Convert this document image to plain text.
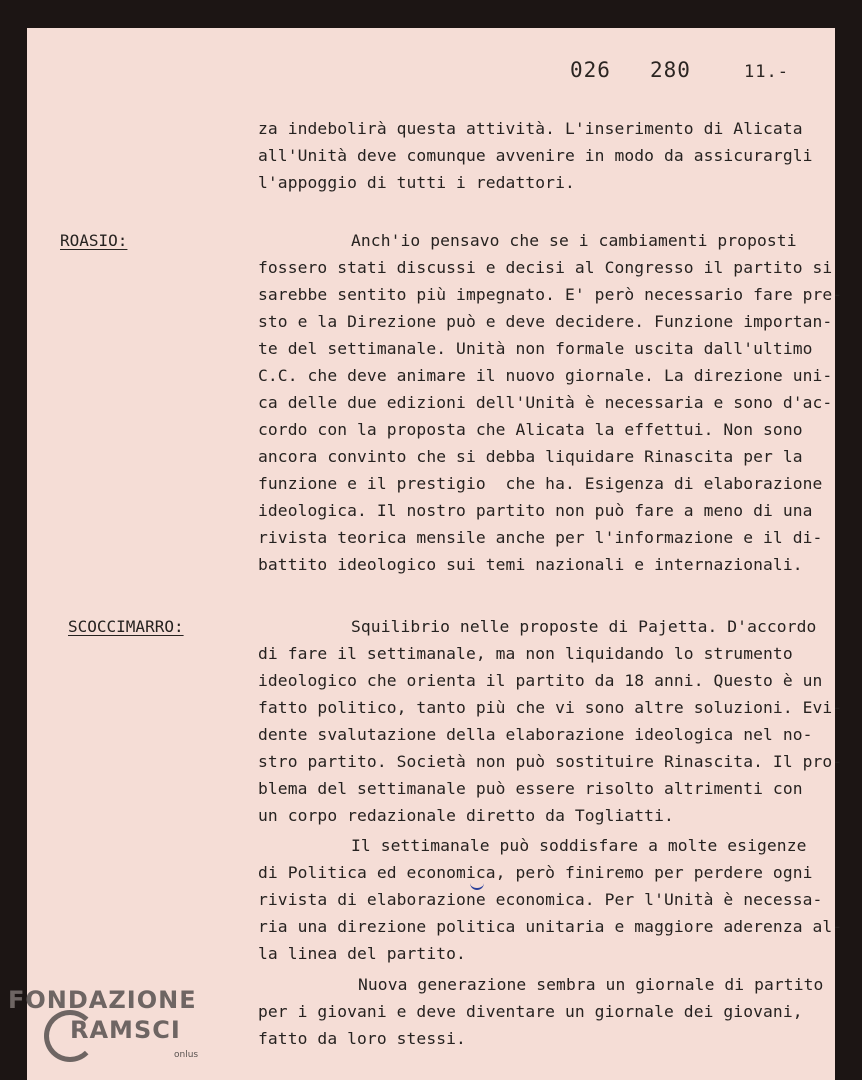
026 280	11.-
ROASIO:
SCOCCIMARRO:
za indebolirà questa attività. L'inserimento di Alicata
all'Unità deve comunque avvenire in modo da assicurargli
l'appoggio di tutti i redattori.
Anch'io pensavo che se i cambiamenti proposti
fossero stati discussi e decisi al Congresso il partito si
sarebbe sentito più impegnato. E' però necessario fare pre-
sto e la Direzione può e deve decidere. Funzione importan-
te del settimanale. Unità non formale uscita dall'ultimo
C.C. che deve animare il nuovo giornale. La direzione uni-
ca delle due edizioni dell'Unità è necessaria e sono d'ac-
cordo con la proposta che Alicata la effettui. Non sono
ancora convinto che si debba liquidare Rinascita per la
funzione e il prestigio  che ha. Esigenza di elaborazione
ideologica. Il nostro partito non può fare a meno di una
rivista teorica mensile anche per l'informazione e il di-
battito ideologico sui temi nazionali e internazionali.
Squilibrio nelle proposte di Pajetta. D'accordo
di fare il settimanale, ma non liquidando lo strumento
ideologico che orienta il partito da 18 anni. Questo è un
fatto politico, tanto più che vi sono altre soluzioni. Evi-
dente svalutazione della elaborazione ideologica nel no-
stro partito. Società non può sostituire Rinascita. Il pro-
blema del settimanale può essere risolto altrimenti con
un corpo redazionale diretto da Togliatti.
Il settimanale può soddisfare a molte esigenze
di Politica ed economica, però finiremo per perdere ogni
rivista di elaborazione economica. Per l'Unità è necessa-
ria una direzione politica unitaria e maggiore aderenza al-
la linea del partito.
Nuova generazione sembra un giornale di partito
per i giovani e deve diventare un giornale dei giovani,
fatto da loro stessi.
FONDAZIONE
RAMSCI
onlus
